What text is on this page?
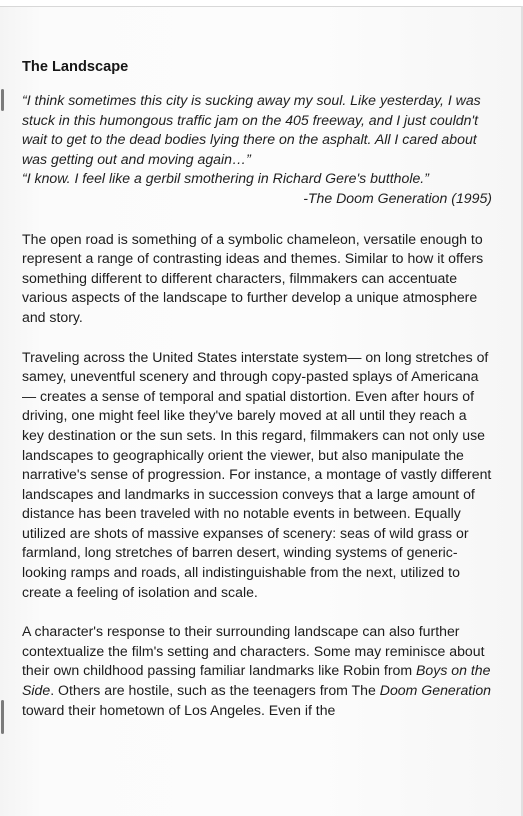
The Landscape

“I think sometimes this city is sucking away my soul. Like yesterday, I was stuck in this humongous traffic jam on the 405 freeway, and I just couldn't wait to get to the dead bodies lying there on the asphalt. All I cared about was getting out and moving again…”

“I know. I feel like a gerbil smothering in Richard Gere's butthole.”

-The Doom Generation (1995)

The open road is something of a symbolic chameleon, versatile enough to represent a range of contrasting ideas and themes. Similar to how it offers something different to different characters, filmmakers can accentuate various aspects of the landscape to further develop a unique atmosphere and story.

Traveling across the United States interstate system— on long stretches of samey, uneventful scenery and through copy-pasted splays of Americana— creates a sense of temporal and spatial distortion. Even after hours of driving, one might feel like they've barely moved at all until they reach a key destination or the sun sets. In this regard, filmmakers can not only use landscapes to geographically orient the viewer, but also manipulate the narrative's sense of progression. For instance, a montage of vastly different landscapes and landmarks in succession conveys that a large amount of distance has been traveled with no notable events in between. Equally utilized are shots of massive expanses of scenery: seas of wild grass or farmland, long stretches of barren desert, winding systems of generic-looking ramps and roads, all indistinguishable from the next, utilized to create a feeling of isolation and scale.

A character's response to their surrounding landscape can also further contextualize the film's setting and characters. Some may reminisce about their own childhood passing familiar landmarks like Robin from Boys on the Side. Others are hostile, such as the teenagers from The Doom Generation toward their hometown of Los Angeles. Even if the
